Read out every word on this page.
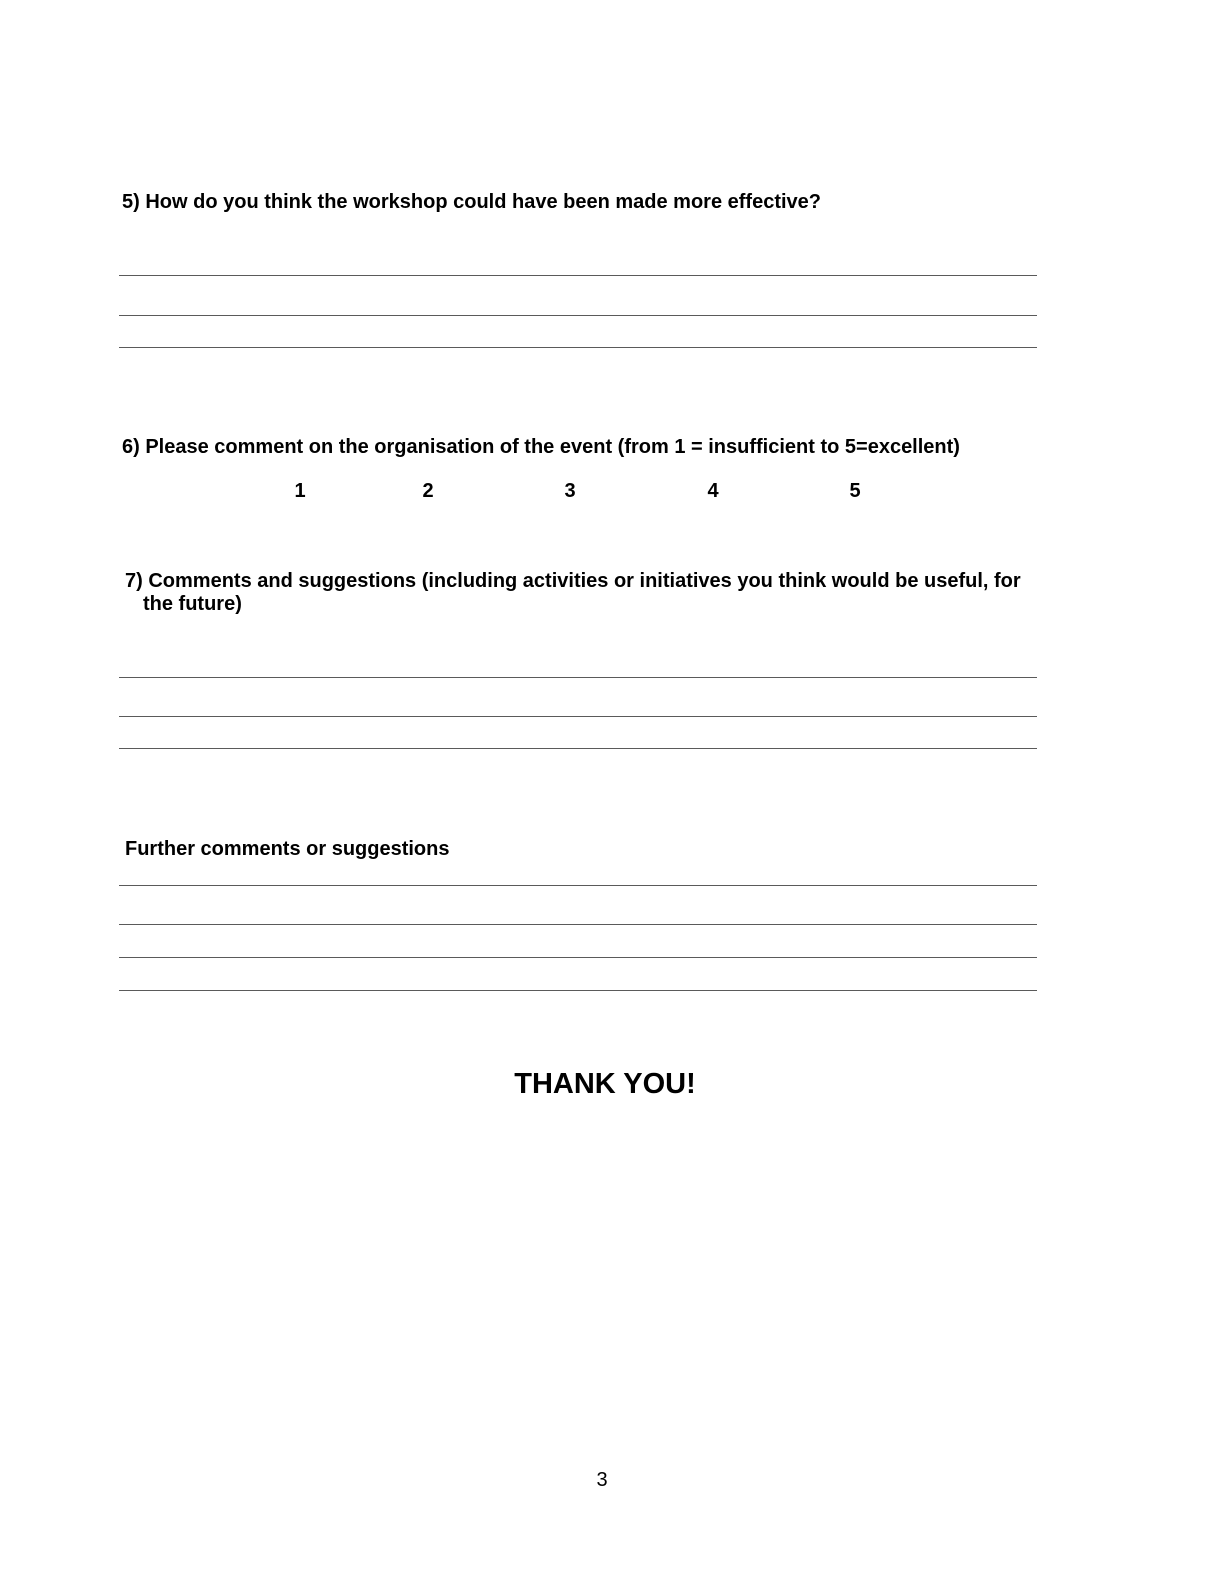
5) How do you think the workshop could have been made more effective?

6) Please comment on the organisation of the event (from 1 = insufficient to 5=excellent)

1	2	3	4	5

7) Comments and suggestions (including activities or initiatives you think would be useful, for
the future)

Further comments or suggestions

THANK YOU!
3
